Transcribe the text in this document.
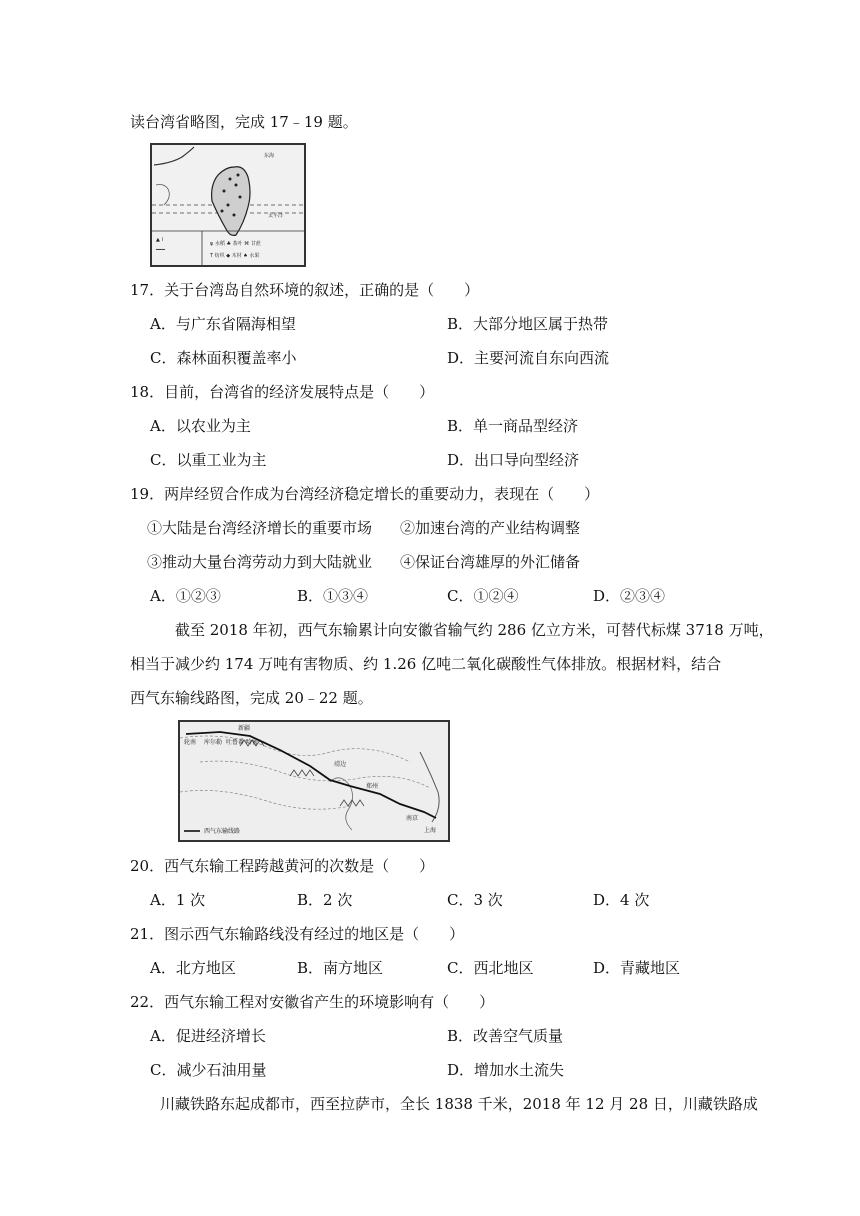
读台湾省略图，完成 17﹣19 题。
▲ ⌇
━━━
ψ 水稻 ♣ 茶叶 ⌘ 甘蔗
T 纺织 ◆ 木材 ♠ 水果
东海
太平洋
17．关于台湾岛自然环境的叙述，正确的是（　　）
A．与广东省隔海相望	B．大部分地区属于热带
C．森林面积覆盖率小	D．主要河流自东向西流
18．目前，台湾省的经济发展特点是（　　）
A．以农业为主	B．单一商品型经济
C．以重工业为主	D．出口导向型经济
19．两岸经贸合作成为台湾经济稳定增长的重要动力，表现在（　　）
①大陆是台湾经济增长的重要市场 ②加速台湾的产业结构调整
③推动大量台湾劳动力到大陆就业 ④保证台湾雄厚的外汇储备
A．①②③	B．①③④	C．①②④	D．②③④
截至 2018 年初，西气东输累计向安徽省输气约 286 亿立方米，可替代标煤 3718 万吨，
相当于减少约 174 万吨有害物质、约 1.26 亿吨二氧化碳酸性气体排放。根据材料，结合
西气东输线路图，完成 20﹣22 题。
轮南 库尔勒 吐鲁番 哈密
靖边
郑州
南京
上海
新疆
西气东输线路
20．西气东输工程跨越黄河的次数是（　　）
A．1 次	B．2 次	C．3 次	D．4 次
21．图示西气东输路线没有经过的地区是（　　）
A．北方地区	B．南方地区	C．西北地区	D．青藏地区
22．西气东输工程对安徽省产生的环境影响有（　　）
A．促进经济增长	B．改善空气质量
C．减少石油用量	D．增加水土流失
川藏铁路东起成都市，西至拉萨市，全长 1838 千米，2018 年 12 月 28 日，川藏铁路成
